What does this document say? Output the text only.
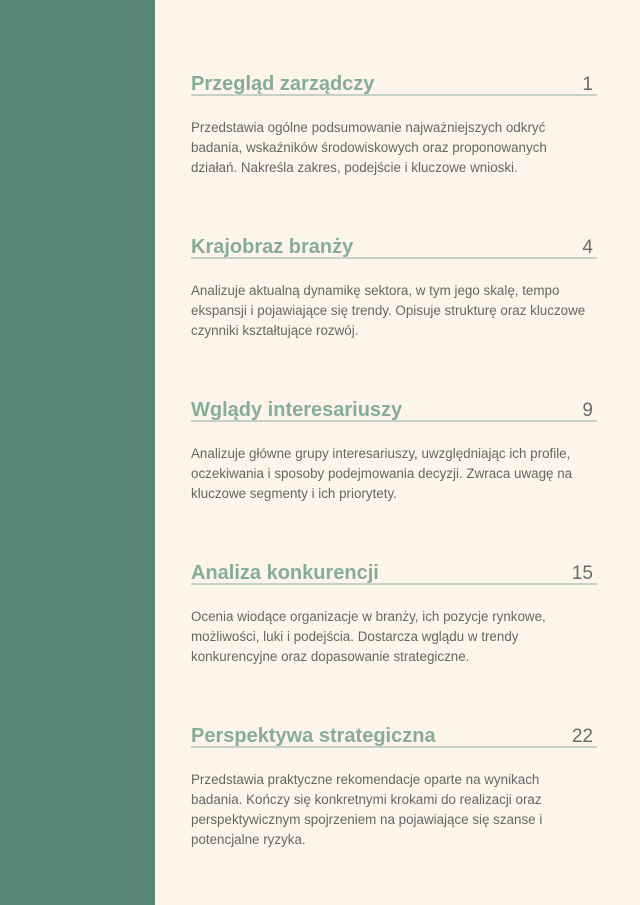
Przegląd zarządczy	1

Przedstawia ogólne podsumowanie najważniejszych odkryć badania, wskaźników środowiskowych oraz proponowanych działań. Nakreśla zakres, podejście i kluczowe wnioski.

Krajobraz branży	4

Analizuje aktualną dynamikę sektora, w tym jego skalę, tempo ekspansji i pojawiające się trendy. Opisuje strukturę oraz kluczowe czynniki kształtujące rozwój.

Wglądy interesariuszy	9

Analizuje główne grupy interesariuszy, uwzględniając ich profile, oczekiwania i sposoby podejmowania decyzji. Zwraca uwagę na kluczowe segmenty i ich priorytety.

Analiza konkurencji	15

Ocenia wiodące organizacje w branży, ich pozycje rynkowe, możliwości, luki i podejścia. Dostarcza wglądu w trendy konkurencyjne oraz dopasowanie strategiczne.

Perspektywa strategiczna	22

Przedstawia praktyczne rekomendacje oparte na wynikach badania. Kończy się konkretnymi krokami do realizacji oraz perspektywicznym spojrzeniem na pojawiające się szanse i potencjalne ryzyka.
